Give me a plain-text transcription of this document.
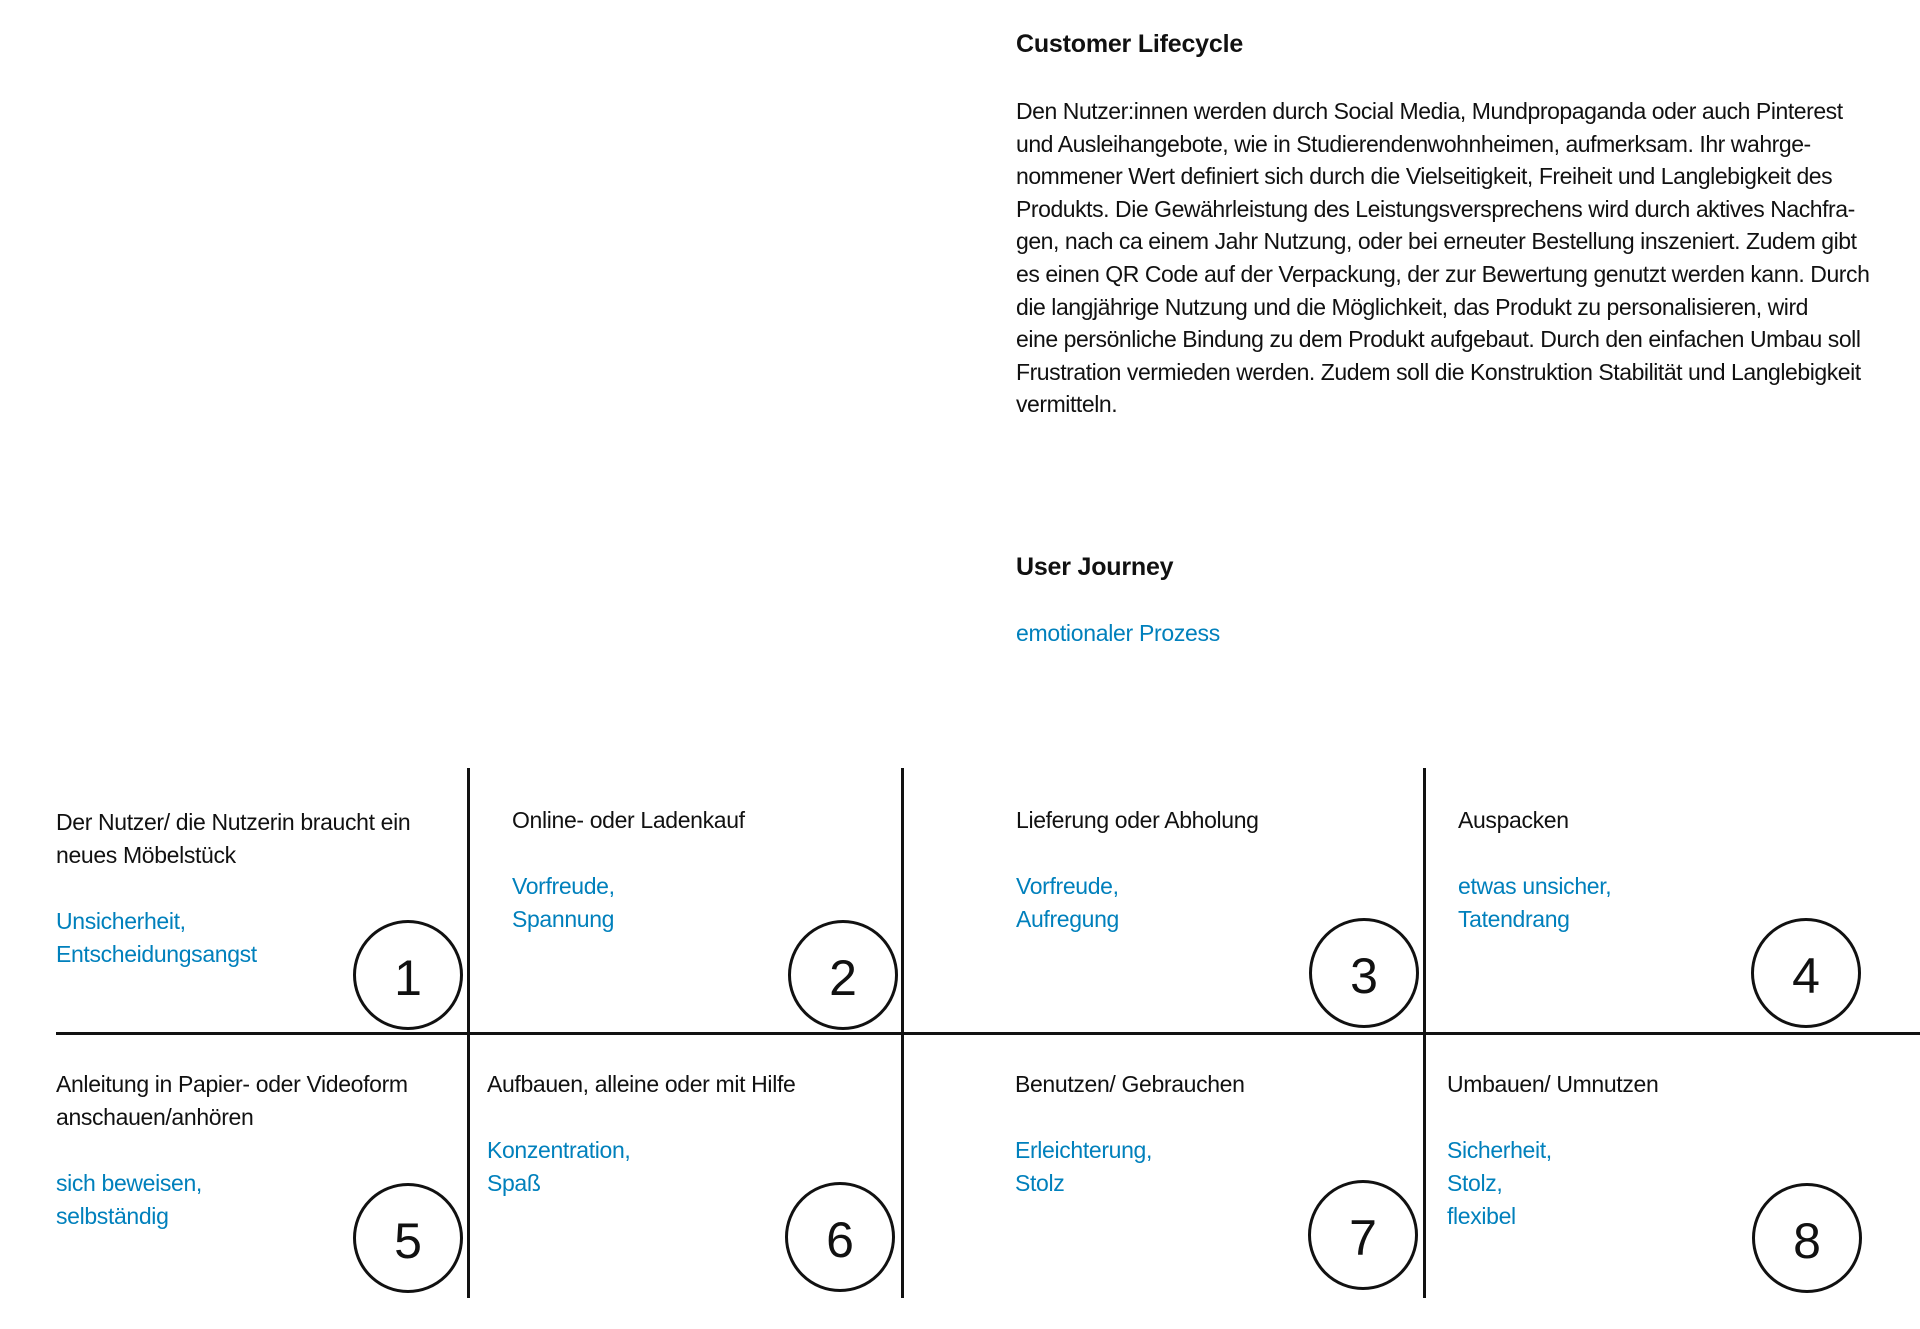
Customer Lifecycle
Den Nutzer:innen werden durch Social Media, Mundpropaganda oder auch Pinterest
und Ausleihangebote, wie in Studierendenwohnheimen, aufmerksam. Ihr wahrge-
nommener Wert definiert sich durch die Vielseitigkeit, Freiheit und Langlebigkeit des
Produkts. Die Gewährleistung des Leistungsversprechens wird durch aktives Nachfra-
gen, nach ca einem Jahr Nutzung, oder bei erneuter Bestellung inszeniert. Zudem gibt
es einen QR Code auf der Verpackung, der zur Bewertung genutzt werden kann. Durch
die langjährige Nutzung und die Möglichkeit, das Produkt zu personalisieren, wird
eine persönliche Bindung zu dem Produkt aufgebaut. Durch den einfachen Umbau soll
Frustration vermieden werden. Zudem soll die Konstruktion Stabilität und Langlebigkeit
vermitteln.
User Journey
emotionaler Prozess
Der Nutzer/ die Nutzerin braucht ein
neues Möbelstück
Unsicherheit,
Entscheidungsangst	1
Online- oder Ladenkauf
Vorfreude,
Spannung
2
Lieferung oder Abholung
Vorfreude,
Aufregung
3
Auspacken
etwas unsicher,
Tatendrang
4
Anleitung in Papier- oder Videoform
anschauen/anhören
sich beweisen,
selbständig	5
Aufbauen, alleine oder mit Hilfe
Konzentration,
Spaß
6
Benutzen/ Gebrauchen
Erleichterung,
Stolz
7
Umbauen/ Umnutzen
Sicherheit,
Stolz,
flexibel	8
